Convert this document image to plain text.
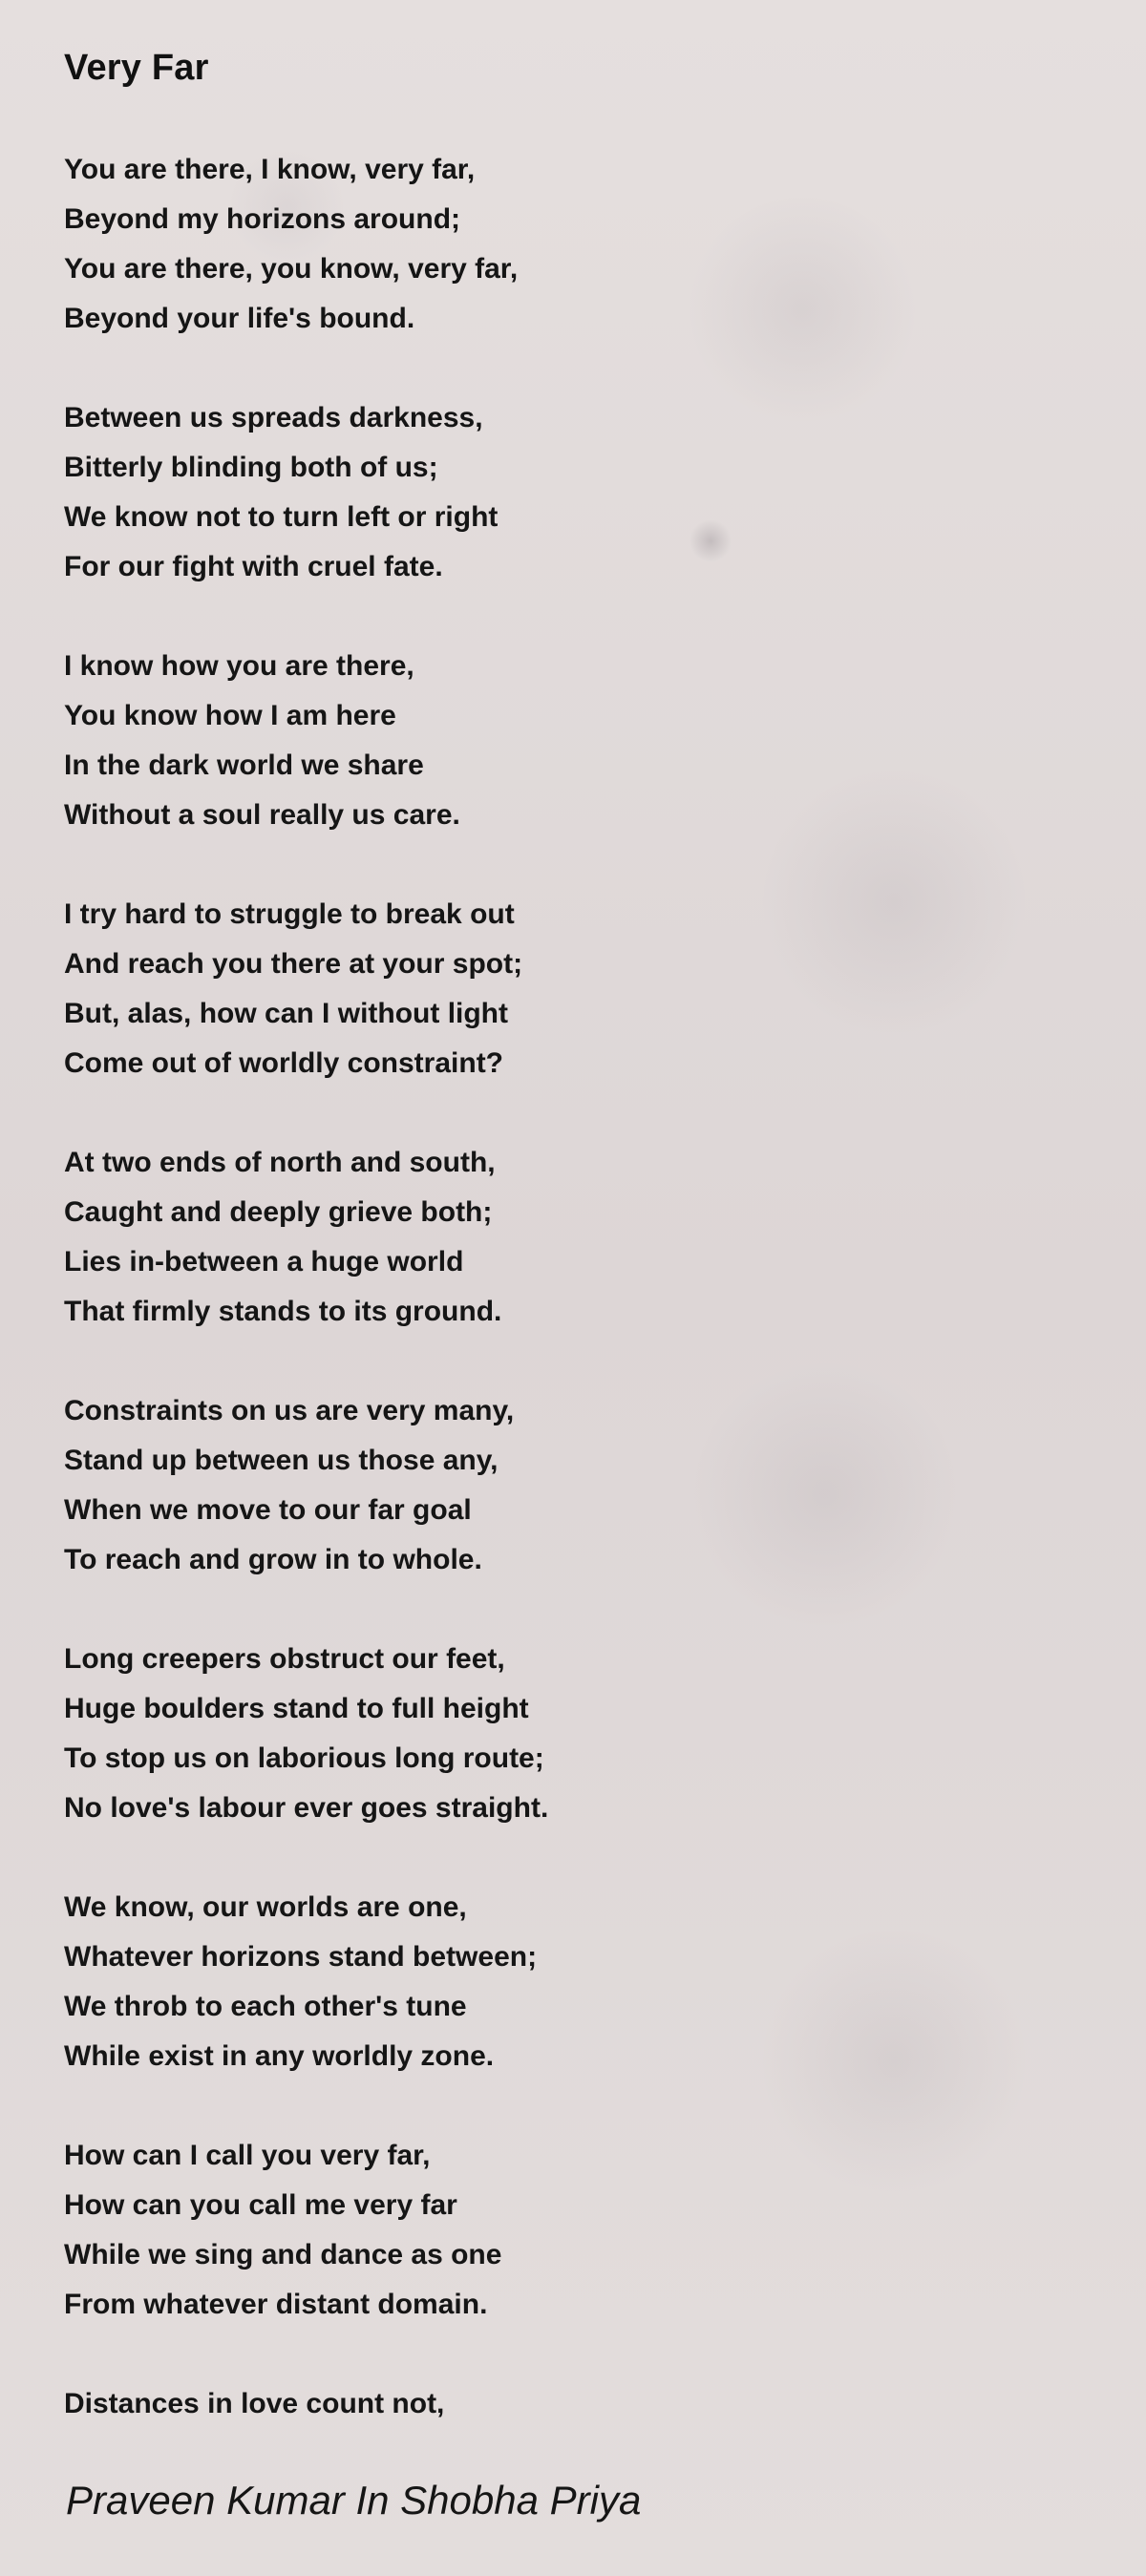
Very Far
You are there, I know, very far,
Beyond my horizons around;
You are there, you know, very far,
Beyond your life's bound.
Between us spreads darkness,
Bitterly blinding both of us;
We know not to turn left or right
For our fight with cruel fate.
I know how you are there,
You know how I am here
In the dark world we share
Without a soul really us care.
I try hard to struggle to break out
And reach you there at your spot;
But, alas, how can I without light
Come out of worldly constraint?
At two ends of north and south,
Caught and deeply grieve both;
Lies in-between a huge world
That firmly stands to its ground.
Constraints on us are very many,
Stand up between us those any,
When we move to our far goal
To reach and grow in to whole.
Long creepers obstruct our feet,
Huge boulders stand to full height
To stop us on laborious long route;
No love's labour ever goes straight.
We know, our worlds are one,
Whatever horizons stand between;
We throb to each other's tune
While exist in any worldly zone.
How can I call you very far,
How can you call me very far
While we sing and dance as one
From whatever distant domain.
Distances in love count not,

Praveen Kumar In Shobha Priya
